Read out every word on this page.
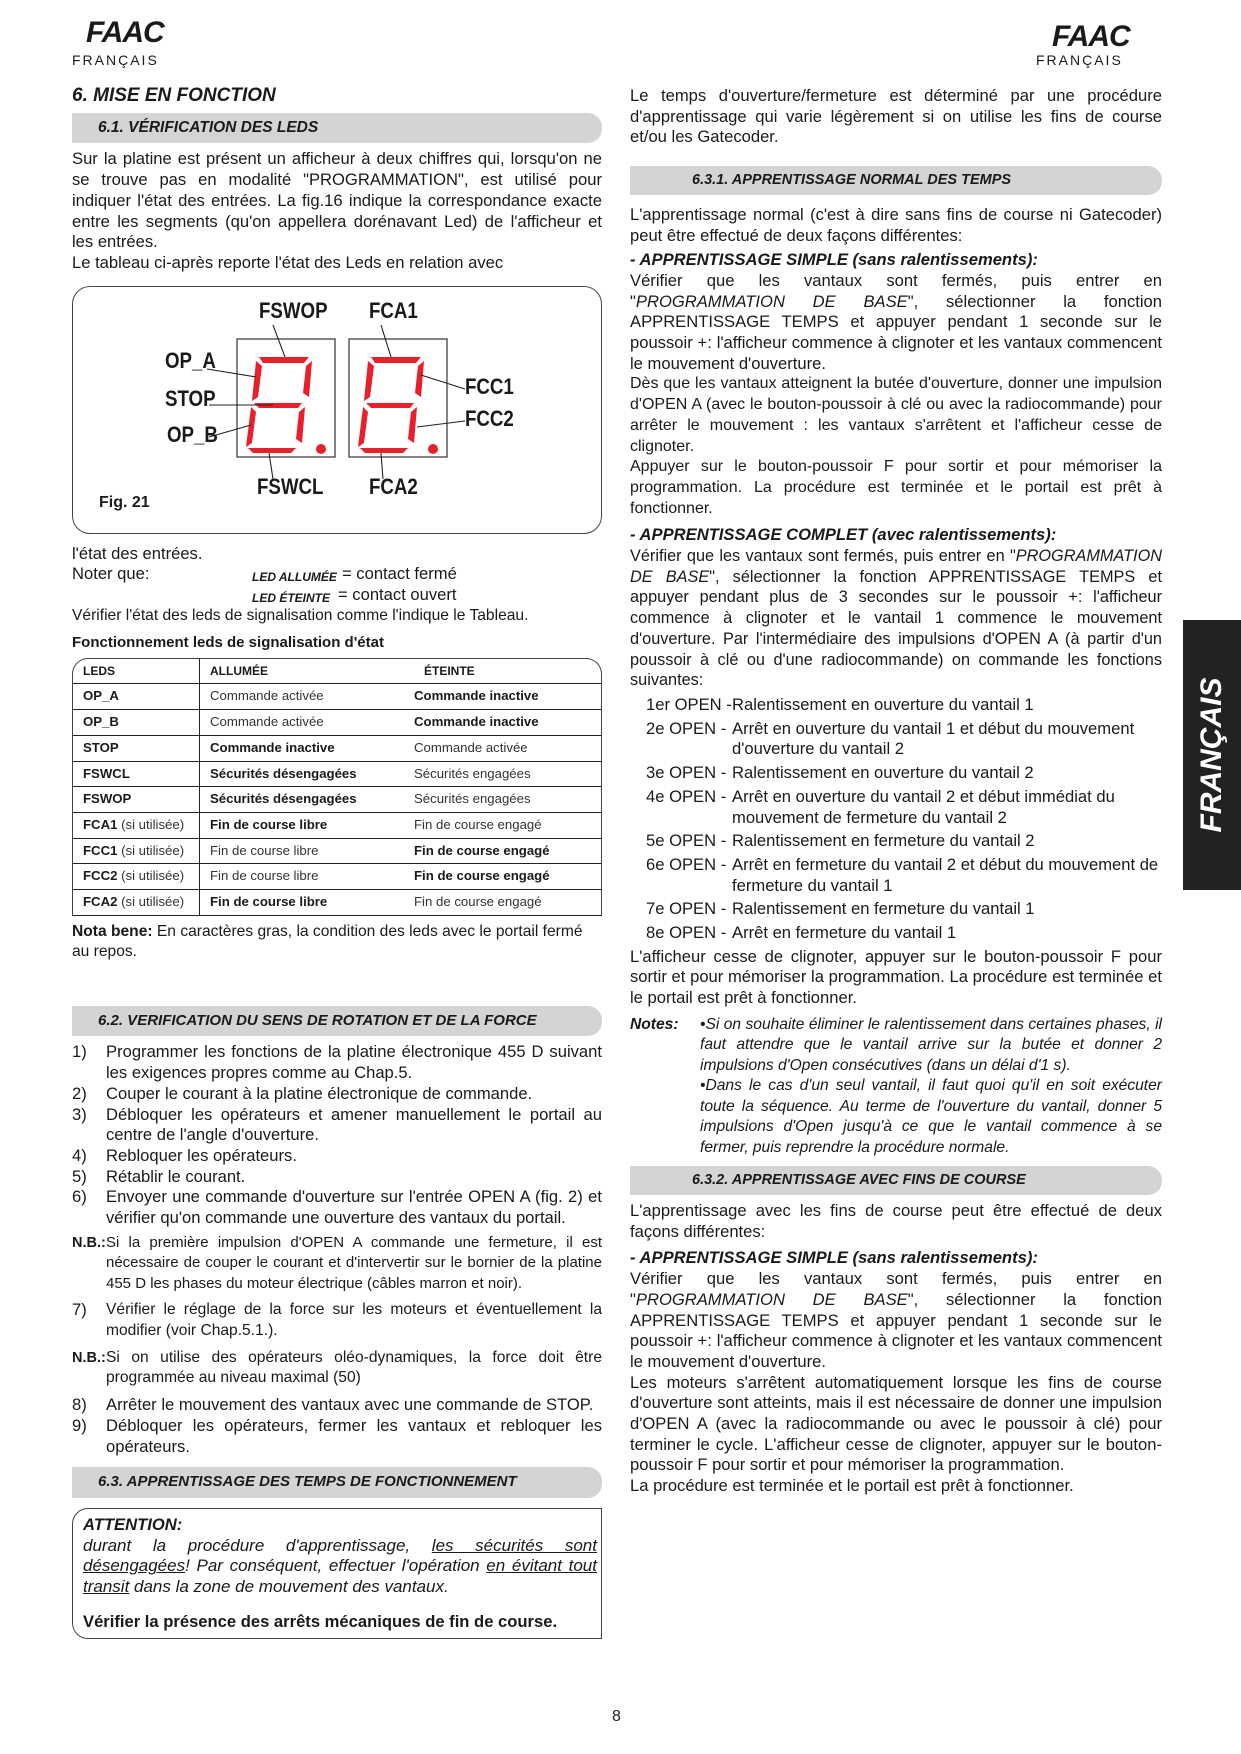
FAAC
FRANÇAIS
FAAC
FRANÇAIS
FRANÇAIS
6. MISE EN FONCTION
6.1. VÉRIFICATION DES LEDS

Sur la platine est présent un afficheur à deux chiffres qui, lorsqu'on ne se trouve pas en modalité "PROGRAMMATION", est utilisé pour indiquer l'état des entrées. La fig.16 indique la correspondance exacte entre les segments (qu'on appellera dorénavant Led) de l'afficheur et les entrées.

Le tableau ci-après reporte l'état des Leds en relation avec

FSWOP FCA1
OP_A
STOP
OP_B
FCC1
FCC2
FSWCL FCA2
Fig. 21

l'état des entrées.

Noter que:	LED ALLUMÉE = contact fermé
LED ÉTEINTE = contact ouvert

Vérifier l'état des leds de signalisation comme l'indique le Tableau.

Fonctionnement leds de signalisation d'état

LEDS	ALLUMÉE	ÉTEINTE
OP_A	Commande activée	Commande inactive
OP_B	Commande activée	Commande inactive
STOP	Commande inactive	Commande activée
FSWCL	Sécurités désengagées	Sécurités engagées
FSWOP	Sécurités désengagées	Sécurités engagées
FCA1 (si utilisée)	Fin de course libre	Fin de course engagé
FCC1 (si utilisée)	Fin de course libre	Fin de course engagé
FCC2 (si utilisée)	Fin de course libre	Fin de course engagé
FCA2 (si utilisée)	Fin de course libre	Fin de course engagé

Nota bene: En caractères gras, la condition des leds avec le portail fermé au repos.

6.2. VERIFICATION DU SENS DE ROTATION ET DE LA FORCE
1)	Programmer les fonctions de la platine électronique 455 D suivant les exigences propres comme au Chap.5.
2)	Couper le courant à la platine électronique de commande.
3)	Débloquer les opérateurs et amener manuellement le portail au centre de l'angle d'ouverture.
4)	Rebloquer les opérateurs.
5)	Rétablir le courant.
6)	Envoyer une commande d'ouverture sur l'entrée OPEN A (fig. 2) et vérifier qu'on commande une ouverture des vantaux du portail.
N.B.: Si la première impulsion d'OPEN A commande une fermeture, il est nécessaire de couper le courant et d'intervertir sur le bornier de la platine 455 D les phases du moteur électrique (câbles marron et noir).
7)	Vérifier le réglage de la force sur les moteurs et éventuellement la modifier (voir Chap.5.1.).
N.B.: Si on utilise des opérateurs oléo-dynamiques, la force doit être programmée au niveau maximal (50)
8)	Arrêter le mouvement des vantaux avec une commande de STOP.
9)	Débloquer les opérateurs, fermer les vantaux et rebloquer les opérateurs.
6.3. APPRENTISSAGE DES TEMPS DE FONCTIONNEMENT

ATTENTION:

durant la procédure d'apprentissage, les sécurités sont désengagées! Par conséquent, effectuer l'opération en évitant tout transit dans la zone de mouvement des vantaux.

Vérifier la présence des arrêts mécaniques de fin de course.

Le temps d'ouverture/fermeture est déterminé par une procédure d'apprentissage qui varie légèrement si on utilise les fins de course et/ou les Gatecoder.

6.3.1. APPRENTISSAGE NORMAL DES TEMPS

L'apprentissage normal (c'est à dire sans fins de course ni Gatecoder) peut être effectué de deux façons différentes:

- APPRENTISSAGE SIMPLE (sans ralentissements):

Vérifier que les vantaux sont fermés, puis entrer en "PROGRAMMATION DE BASE", sélectionner la fonction APPRENTISSAGE TEMPS et appuyer pendant 1 seconde sur le poussoir +: l'afficheur commence à clignoter et les vantaux commencent le mouvement d'ouverture.

Dès que les vantaux atteignent la butée d'ouverture, donner une impulsion d'OPEN A (avec le bouton-poussoir à clé ou avec la radiocommande) pour arrêter le mouvement : les vantaux s'arrêtent et l'afficheur cesse de clignoter.

Appuyer sur le bouton-poussoir F pour sortir et pour mémoriser la programmation. La procédure est terminée et le portail est prêt à fonctionner.

- APPRENTISSAGE COMPLET (avec ralentissements):

Vérifier que les vantaux sont fermés, puis entrer en "PROGRAMMATION DE BASE", sélectionner la fonction APPRENTISSAGE TEMPS et appuyer pendant plus de 3 secondes sur le poussoir +: l'afficheur commence à clignoter et le vantail 1 commence le mouvement d'ouverture. Par l'intermédiaire des impulsions d'OPEN A (à partir d'un poussoir à clé ou d'une radiocommande) on commande les fonctions suivantes:

1er OPEN - Ralentissement en ouverture du vantail 1
2e OPEN - Arrêt en ouverture du vantail 1 et début du mouvement d'ouverture du vantail 2
3e OPEN - Ralentissement en ouverture du vantail 2
4e OPEN - Arrêt en ouverture du vantail 2 et début immédiat du mouvement de fermeture du vantail 2
5e OPEN - Ralentissement en fermeture du vantail 2
6e OPEN - Arrêt en fermeture du vantail 2 et début du mouvement de fermeture du vantail 1
7e OPEN - Ralentissement en fermeture du vantail 1
8e OPEN - Arrêt en fermeture du vantail 1

L'afficheur cesse de clignoter, appuyer sur le bouton-poussoir F pour sortir et pour mémoriser la programmation. La procédure est terminée et le portail est prêt à fonctionner.

Notes:	•Si on souhaite éliminer le ralentissement dans certaines phases, il faut attendre que le vantail arrive sur la butée et donner 2 impulsions d'Open consécutives (dans un délai d'1 s).

•Dans le cas d'un seul vantail, il faut quoi qu'il en soit exécuter toute la séquence. Au terme de l'ouverture du vantail, donner 5 impulsions d'Open jusqu'à ce que le vantail commence à se fermer, puis reprendre la procédure normale.

6.3.2. APPRENTISSAGE AVEC FINS DE COURSE

L'apprentissage avec les fins de course peut être effectué de deux façons différentes:

- APPRENTISSAGE SIMPLE (sans ralentissements):

Vérifier que les vantaux sont fermés, puis entrer en "PROGRAMMATION DE BASE", sélectionner la fonction APPRENTISSAGE TEMPS et appuyer pendant 1 seconde sur le poussoir +: l'afficheur commence à clignoter et les vantaux commencent le mouvement d'ouverture.

Les moteurs s'arrêtent automatiquement lorsque les fins de course d'ouverture sont atteints, mais il est nécessaire de donner une impulsion d'OPEN A (avec la radiocommande ou avec le poussoir à clé) pour terminer le cycle. L'afficheur cesse de clignoter, appuyer sur le bouton-poussoir F pour sortir et pour mémoriser la programmation.

La procédure est terminée et le portail est prêt à fonctionner.

8
